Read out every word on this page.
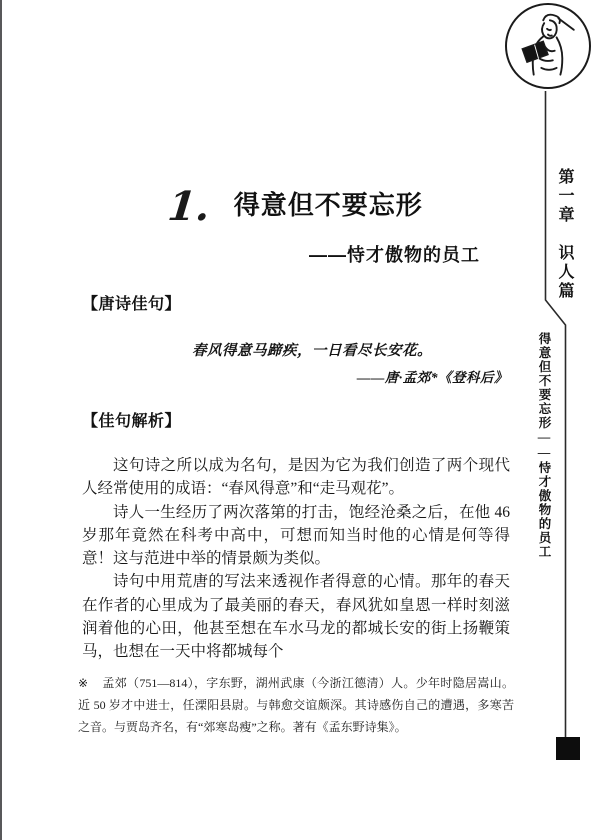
第一章　识人篇
得意但不要忘形——恃才傲物的员工
1. 得意但不要忘形
——恃才傲物的员工
【唐诗佳句】
春风得意马蹄疾，一日看尽长安花。
——唐·孟郊*《登科后》
【佳句解析】

这句诗之所以成为名句，是因为它为我们创造了两个现代人经常使用的成语：“春风得意”和“走马观花”。

诗人一生经历了两次落第的打击，饱经沧桑之后，在他 46 岁那年竟然在科考中高中，可想而知当时他的心情是何等得意！这与范进中举的情景颇为类似。

诗句中用荒唐的写法来透视作者得意的心情。那年的春天在作者的心里成为了最美丽的春天，春风犹如皇恩一样时刻滋润着他的心田，他甚至想在车水马龙的都城长安的街上扬鞭策马，也想在一天中将都城每个

※ 孟郊（751—814），字东野，湖州武康（今浙江德清）人。少年时隐居嵩山。近 50 岁才中进士，任溧阳县尉。与韩愈交谊颇深。其诗感伤自己的遭遇，多寒苦之音。与贾岛齐名，有“郊寒岛瘦”之称。著有《孟东野诗集》。
